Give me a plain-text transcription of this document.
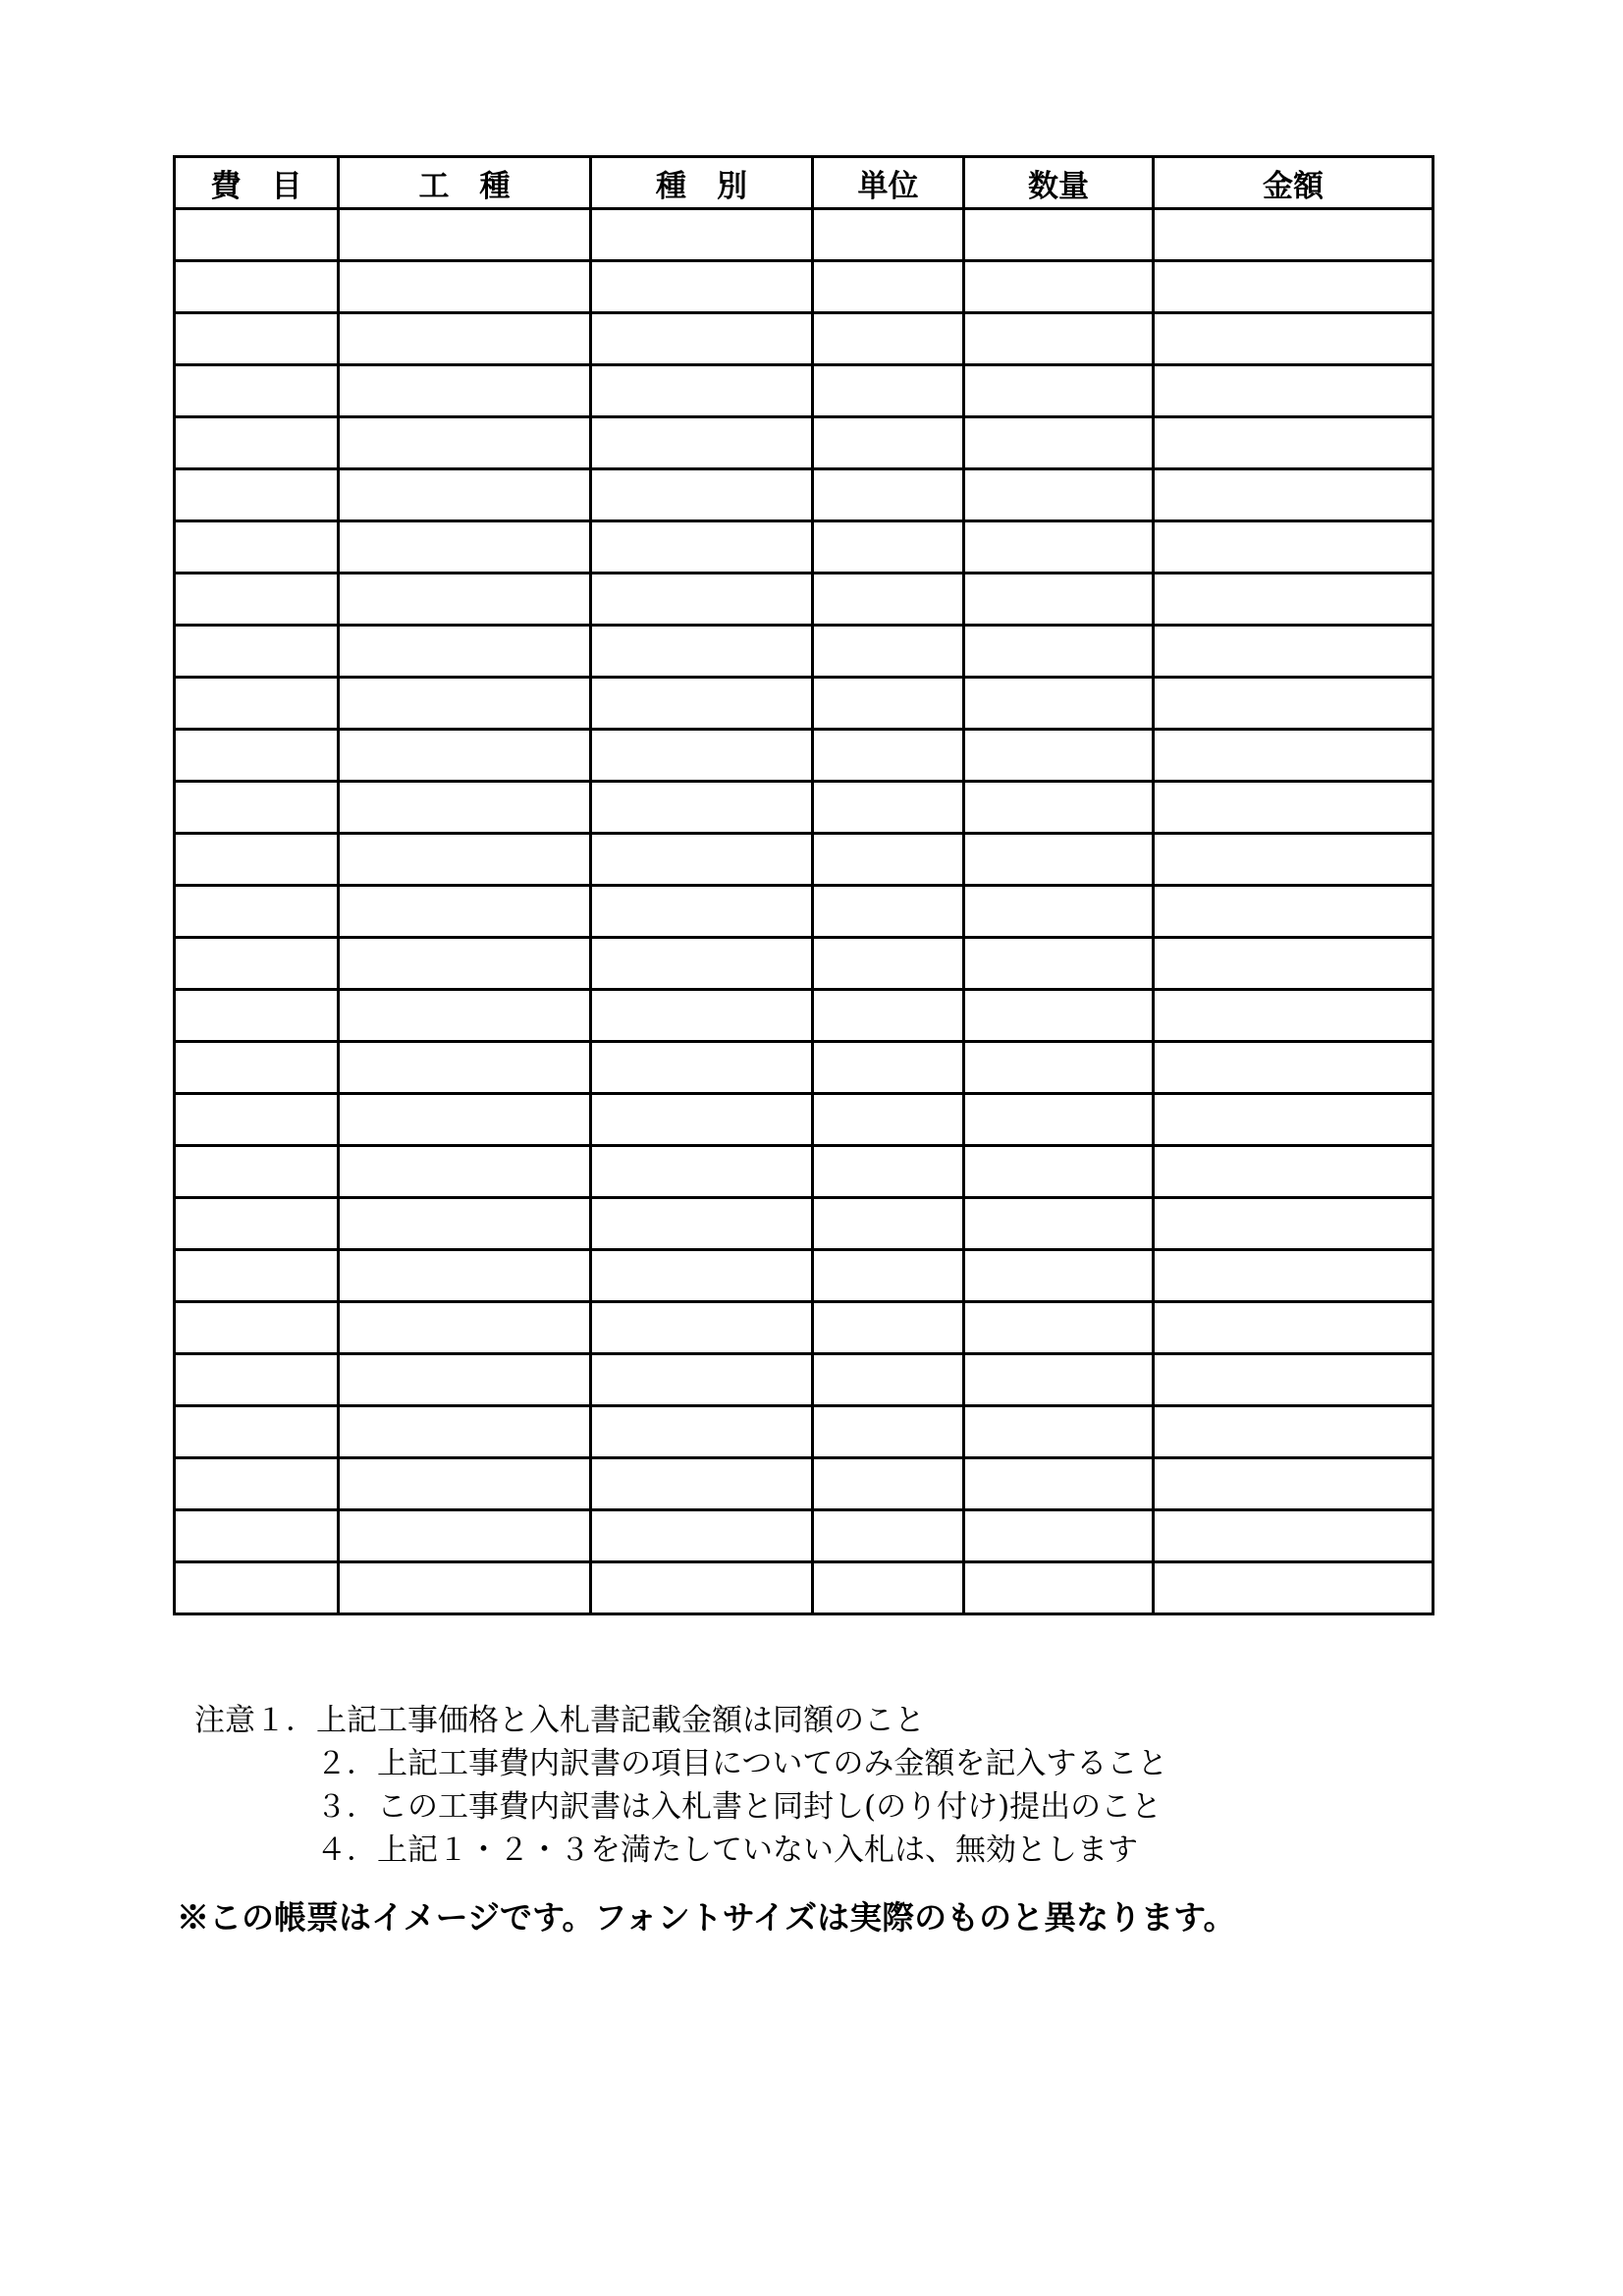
費　目	工　種	種　別	単位	数量	金額

注意１．上記工事価格と入札書記載金額は同額のこと

２．上記工事費内訳書の項目についてのみ金額を記入すること

３．この工事費内訳書は入札書と同封し(のり付け)提出のこと

４．上記１・２・３を満たしていない入札は、無効とします

※この帳票はイメージです。フォントサイズは実際のものと異なります。
